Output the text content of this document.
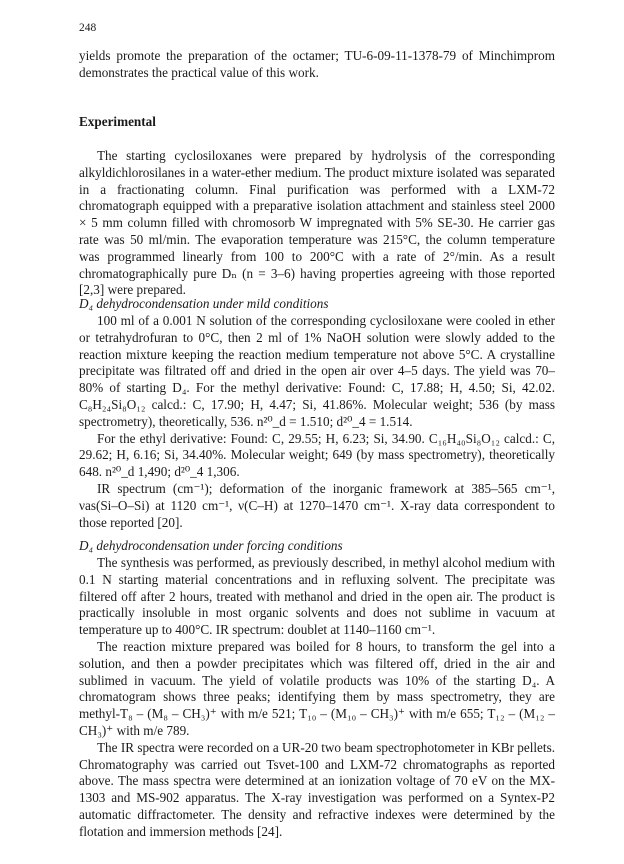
248

yields promote the preparation of the octamer; TU-6-09-11-1378-79 of Minchimprom demonstrates the practical value of this work.

Experimental

The starting cyclosiloxanes were prepared by hydrolysis of the corresponding alkyldichlorosilanes in a water-ether medium. The product mixture isolated was separated in a fractionating column. Final purification was performed with a LXM-72 chromatograph equipped with a preparative isolation attachment and stainless steel 2000 × 5 mm column filled with chromosorb W impregnated with 5% SE-30. He carrier gas rate was 50 ml/min. The evaporation temperature was 215°C, the column temperature was programmed linearly from 100 to 200°C with a rate of 2°/min. As a result chromatographically pure Dₙ (n = 3–6) having properties agreeing with those reported [2,3] were prepared.

D₄ dehydrocondensation under mild conditions

100 ml of a 0.001 N solution of the corresponding cyclosiloxane were cooled in ether or tetrahydrofuran to 0°C, then 2 ml of 1% NaOH solution were slowly added to the reaction mixture keeping the reaction medium temperature not above 5°C. A crystalline precipitate was filtrated off and dried in the open air over 4–5 days. The yield was 70–80% of starting D₄. For the methyl derivative: Found: C, 17.88; H, 4.50; Si, 42.02. C₈H₂₄Si₈O₁₂ calcd.: C, 17.90; H, 4.47; Si, 41.86%. Molecular weight; 536 (by mass spectrometry), theoretically, 536. n²⁰_d = 1.510; d²⁰_4 = 1.514.

For the ethyl derivative: Found: C, 29.55; H, 6.23; Si, 34.90. C₁₆H₄₀Si₈O₁₂ calcd.: C, 29.62; H, 6.16; Si, 34.40%. Molecular weight; 649 (by mass spectrometry), theoretically 648. n²⁰_d 1,490; d²⁰_4 1,306.

IR spectrum (cm⁻¹); deformation of the inorganic framework at 385–565 cm⁻¹, νas(Si–O–Si) at 1120 cm⁻¹, ν(C–H) at 1270–1470 cm⁻¹. X-ray data correspondent to those reported [20].

D₄ dehydrocondensation under forcing conditions

The synthesis was performed, as previously described, in methyl alcohol medium with 0.1 N starting material concentrations and in refluxing solvent. The precipitate was filtered off after 2 hours, treated with methanol and dried in the open air. The product is practically insoluble in most organic solvents and does not sublime in vacuum at temperature up to 400°C. IR spectrum: doublet at 1140–1160 cm⁻¹.

The reaction mixture prepared was boiled for 8 hours, to transform the gel into a solution, and then a powder precipitates which was filtered off, dried in the air and sublimed in vacuum. The yield of volatile products was 10% of the starting D₄. A chromatogram shows three peaks; identifying them by mass spectrometry, they are methyl-T₈ – (M₈ – CH₃)⁺ with m/e 521; T₁₀ – (M₁₀ – CH₃)⁺ with m/e 655; T₁₂ – (M₁₂ – CH₃)⁺ with m/e 789.

The IR spectra were recorded on a UR-20 two beam spectrophotometer in KBr pellets. Chromatography was carried out Tsvet-100 and LXM-72 chromatographs as reported above. The mass spectra were determined at an ionization voltage of 70 eV on the MX-1303 and MS-902 apparatus. The X-ray investigation was performed on a Syntex-P2 automatic diffractometer. The density and refractive indexes were determined by the flotation and immersion methods [24].
